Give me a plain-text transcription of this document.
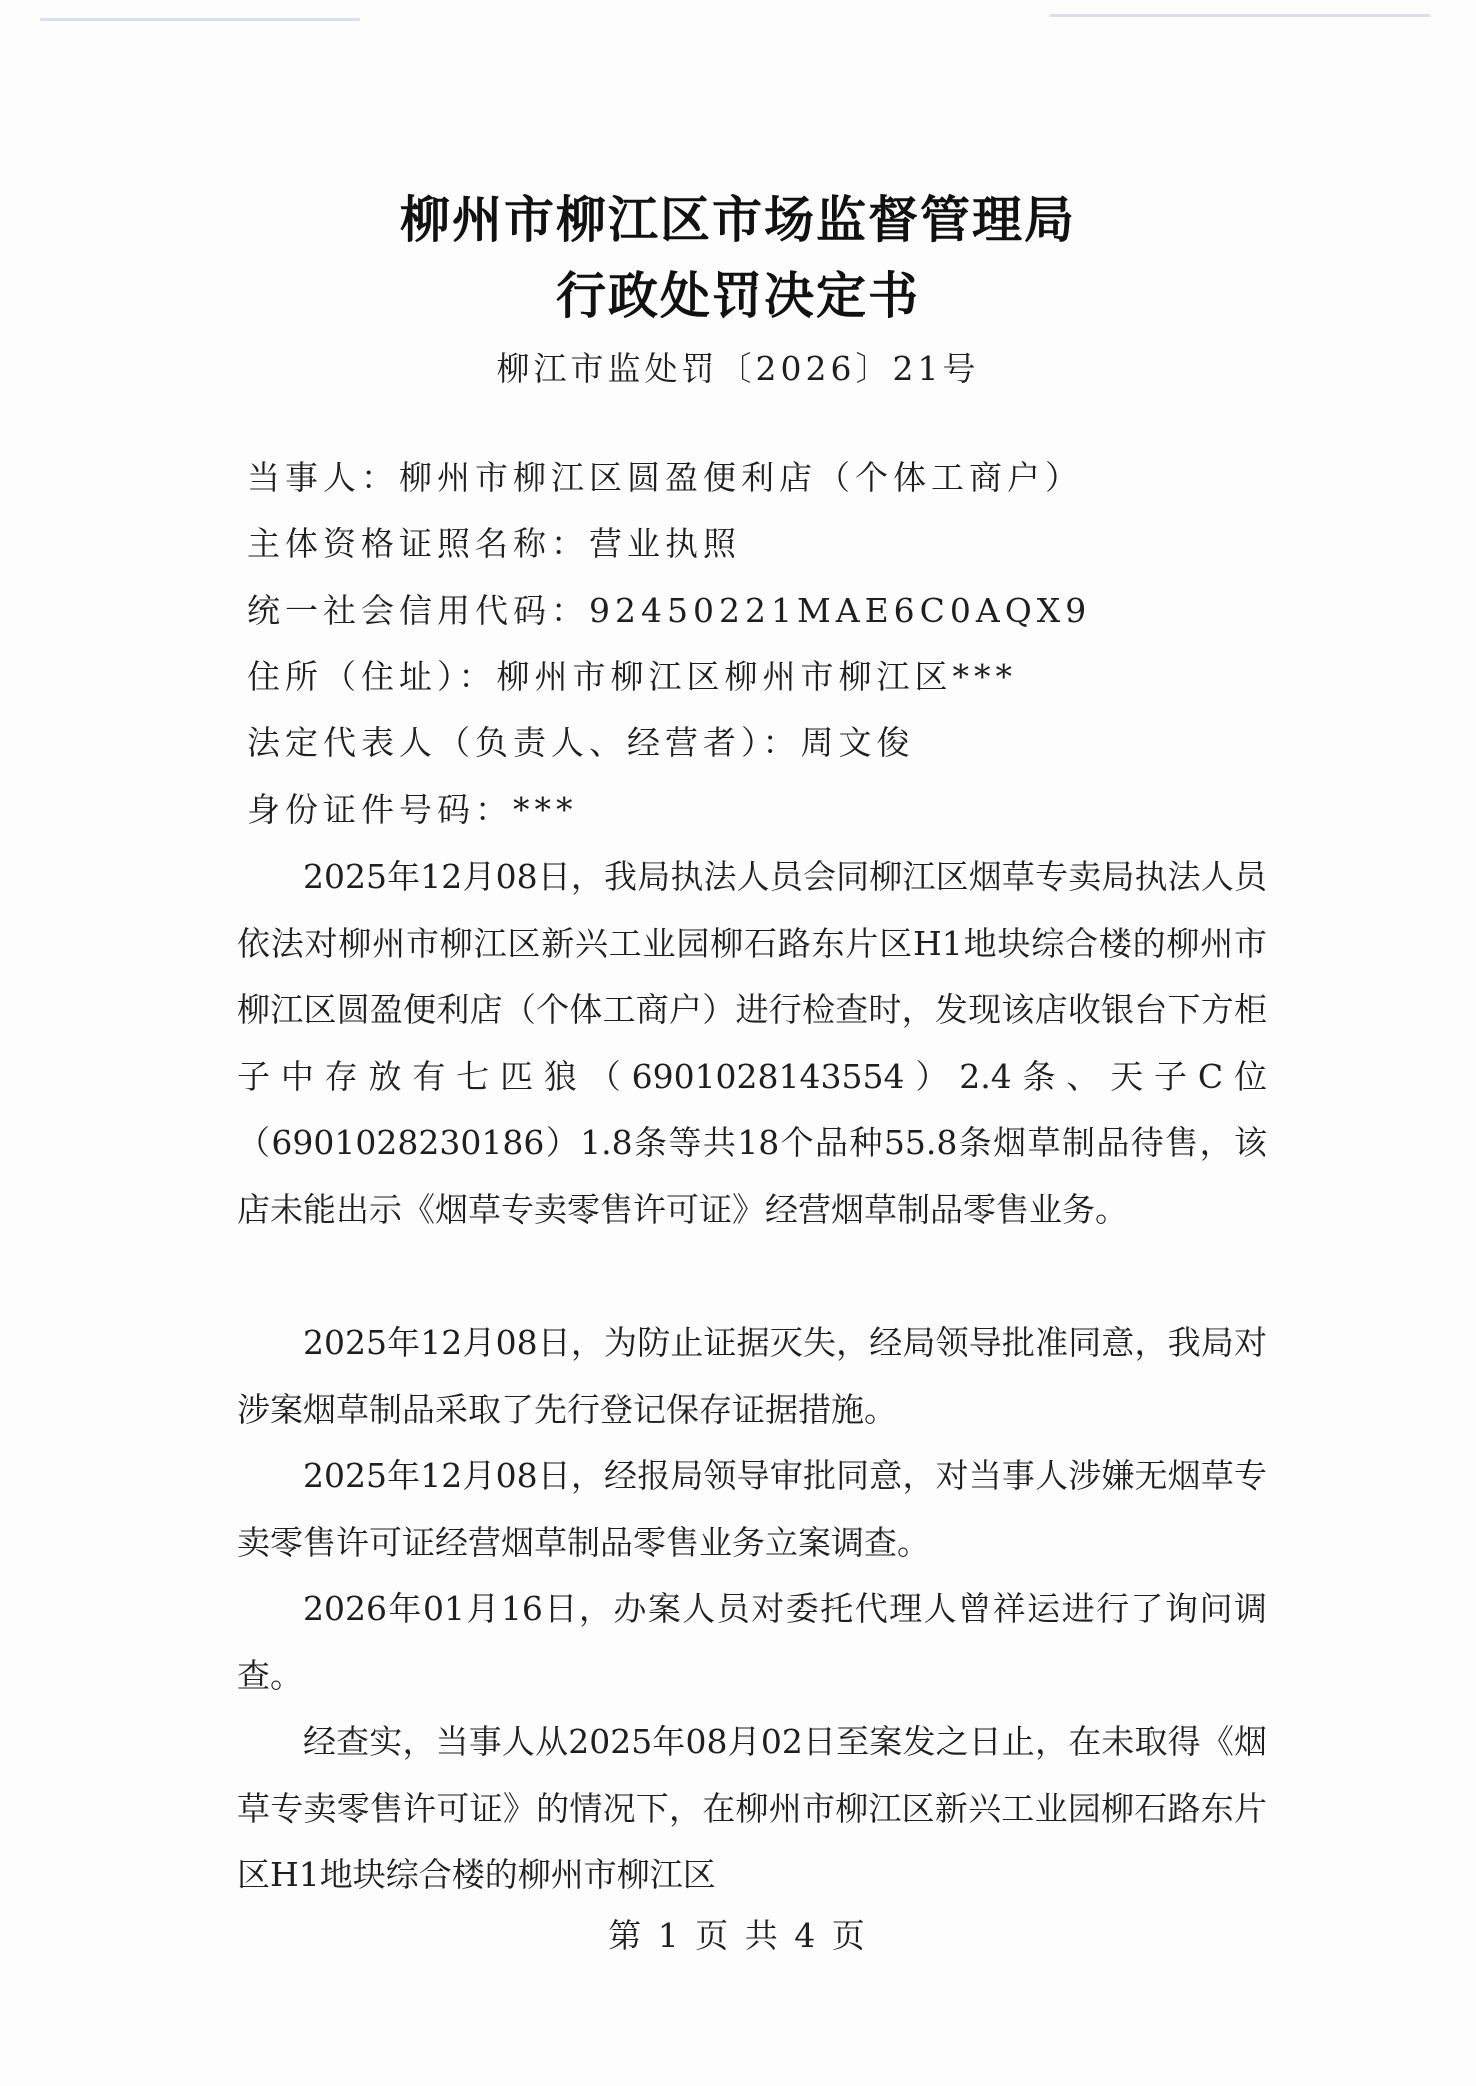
柳州市柳江区市场监督管理局
行政处罚决定书
柳江市监处罚〔2026〕21号
当事人：柳州市柳江区圆盈便利店（个体工商户）
主体资格证照名称：营业执照
统一社会信用代码：92450221MAE6C0AQX9
住所（住址）：柳州市柳江区柳州市柳江区***
法定代表人（负责人、经营者）：周文俊
身份证件号码：***
2025年12月08日，我局执法人员会同柳江区烟草专卖局执法人员依法对柳州市柳江区新兴工业园柳石路东片区H1地块综合楼的柳州市柳江区圆盈便利店（个体工商户）进行检查时，发现该店收银台下方柜子中存放有七匹狼（6901028143554）2.4条、天子C位（6901028230186）1.8条等共18个品种55.8条烟草制品待售，该店未能出示《烟草专卖零售许可证》经营烟草制品零售业务。
2025年12月08日，为防止证据灭失，经局领导批准同意，我局对涉案烟草制品采取了先行登记保存证据措施。
2025年12月08日，经报局领导审批同意，对当事人涉嫌无烟草专卖零售许可证经营烟草制品零售业务立案调查。
2026年01月16日，办案人员对委托代理人曾祥运进行了询问调查。
经查实，当事人从2025年08月02日至案发之日止，在未取得《烟草专卖零售许可证》的情况下，在柳州市柳江区新兴工业园柳石路东片区H1地块综合楼的柳州市柳江区
第 1 页 共 4 页
